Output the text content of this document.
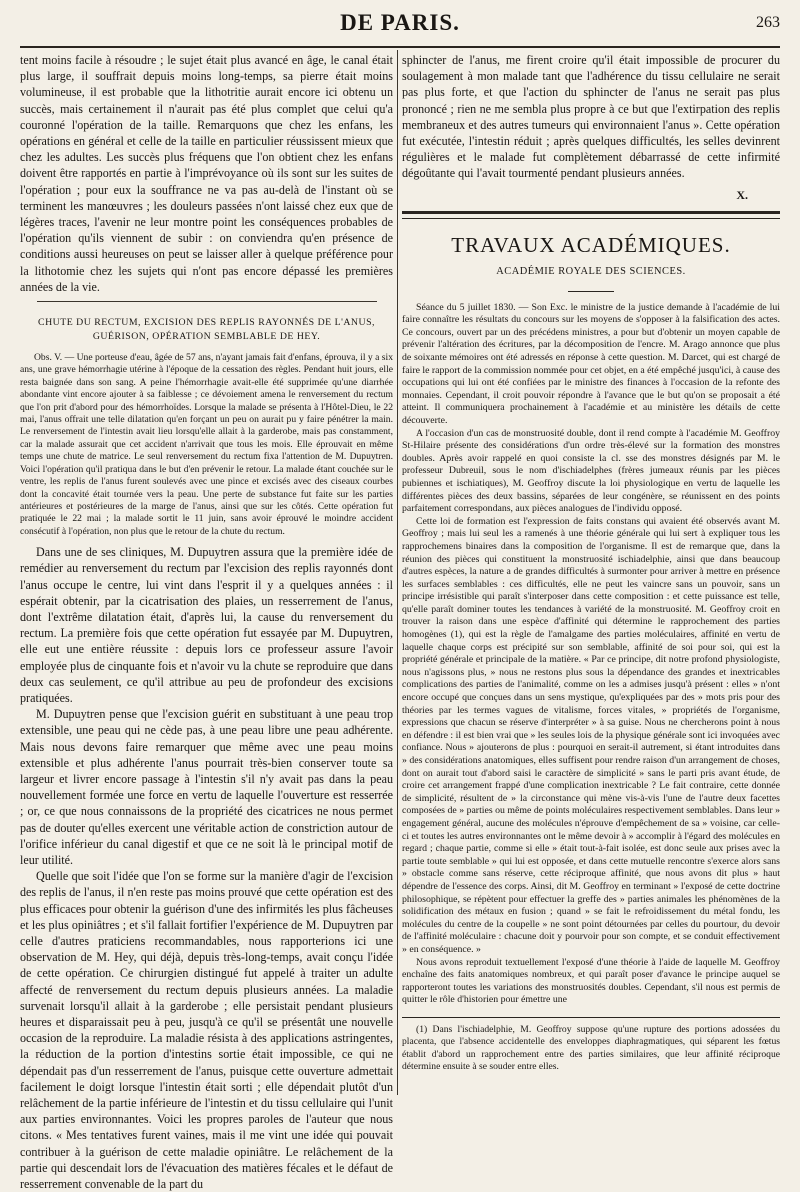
DE PARIS.	263

tent moins facile à résoudre ; le sujet était plus avancé en âge, le canal était plus large, il souffrait depuis moins long-temps, sa pierre était moins volumineuse, il est probable que la lithotritie aurait encore ici obtenu un succès, mais certainement il n'aurait pas été plus complet que celui qu'a couronné l'opération de la taille. Remarquons que chez les enfans, les opérations en général et celle de la taille en particulier réussissent mieux que chez les adultes. Les succès plus fréquens que l'on obtient chez les enfans doivent être rapportés en partie à l'imprévoyance où ils sont sur les suites de l'opération ; pour eux la souffrance ne va pas au-delà de l'instant où se terminent les manœuvres ; les douleurs passées n'ont laissé chez eux que de légères traces, l'avenir ne leur montre point les conséquences probables de l'opération qu'ils viennent de subir : on conviendra qu'en présence de conditions aussi heureuses on peut se laisser aller à quelque préférence pour la lithotomie chez les sujets qui n'ont pas encore dépassé les premières années de la vie.

CHUTE DU RECTUM, EXCISION DES REPLIS RAYONNÉS DE L'ANUS, GUÉRISON, OPÉRATION SEMBLABLE DE HEY.

Obs. V. — Une porteuse d'eau, âgée de 57 ans, n'ayant jamais fait d'enfans, éprouva, il y a six ans, une grave hémorrhagie utérine à l'époque de la cessation des règles. Pendant huit jours, elle resta baignée dans son sang. A peine l'hémorrhagie avait-elle été supprimée qu'une diarrhée abondante vint encore ajouter à sa faiblesse ; ce dévoiement amena le renversement du rectum que l'on prit d'abord pour des hémorrhoïdes. Lorsque la malade se présenta à l'Hôtel-Dieu, le 22 mai, l'anus offrait une telle dilatation qu'en forçant un peu on aurait pu y faire pénétrer la main. Le renversement de l'intestin avait lieu lorsqu'elle allait à la garderobe, mais pas constamment, car la malade assurait que cet accident n'arrivait que tous les mois. Elle éprouvait en même temps une chute de matrice. Le seul renversement du rectum fixa l'attention de M. Dupuytren. Voici l'opération qu'il pratiqua dans le but d'en prévenir le retour. La malade étant couchée sur le ventre, les replis de l'anus furent soulevés avec une pince et excisés avec des ciseaux courbes dont la concavité était tournée vers la peau. Une perte de substance fut faite sur les parties antérieures et postérieures de la marge de l'anus, ainsi que sur les côtés. Cette opération fut pratiquée le 22 mai ; la malade sortit le 11 juin, sans avoir éprouvé le moindre accident consécutif à l'opération, non plus que le retour de la chute du rectum.

Dans une de ses cliniques, M. Dupuytren assura que la première idée de remédier au renversement du rectum par l'excision des replis rayonnés dont l'anus occupe le centre, lui vint dans l'esprit il y a quelques années : il espérait obtenir, par la cicatrisation des plaies, un resserrement de l'anus, dont l'extrême dilatation était, d'après lui, la cause du renversement du rectum. La première fois que cette opération fut essayée par M. Dupuytren, elle eut une entière réussite : depuis lors ce professeur assure l'avoir employée plus de cinquante fois et n'avoir vu la chute se reproduire que dans deux cas seulement, ce qu'il attribue au peu de profondeur des excisions pratiquées.

M. Dupuytren pense que l'excision guérit en substituant à une peau trop extensible, une peau qui ne cède pas, à une peau libre une peau adhérente. Mais nous devons faire remarquer que même avec une peau moins extensible et plus adhérente l'anus pourrait très-bien conserver toute sa largeur et livrer encore passage à l'intestin s'il n'y avait pas dans la peau nouvellement formée une force en vertu de laquelle l'ouverture est resserrée ; or, ce que nous connaissons de la propriété des cicatrices ne nous permet pas de douter qu'elles exercent une véritable action de constriction autour de l'orifice inférieur du canal digestif et que ce ne soit là le principal motif de leur utilité.

Quelle que soit l'idée que l'on se forme sur la manière d'agir de l'excision des replis de l'anus, il n'en reste pas moins prouvé que cette opération est des plus efficaces pour obtenir la guérison d'une des infirmités les plus fâcheuses et les plus opiniâtres ; et s'il fallait fortifier l'expérience de M. Dupuytren par celle d'autres praticiens recommandables, nous rapporterions ici une observation de M. Hey, qui déjà, depuis très-long-temps, avait conçu l'idée de cette opération. Ce chirurgien distingué fut appelé à traiter un adulte affecté de renversement du rectum depuis plusieurs années. La maladie survenait lorsqu'il allait à la garderobe ; elle persistait pendant plusieurs heures et disparaissait peu à peu, jusqu'à ce qu'il se présentât une nouvelle occasion de la reproduire. La maladie résista à des applications astringentes, la réduction de la portion d'intestins sortie était impossible, ce qui ne dépendait pas d'un resserrement de l'anus, puisque cette ouverture admettait facilement le doigt lorsque l'intestin était sorti ; elle dépendait plutôt d'un relâchement de la partie inférieure de l'intestin et du tissu cellulaire qui l'unit aux parties environnantes. Voici les propres paroles de l'auteur que nous citons. « Mes tentatives furent vaines, mais il me vint une idée qui pouvait contribuer à la guérison de cette maladie opiniâtre. Le relâchement de la partie qui descendait lors de l'évacuation des matières fécales et le défaut de resserrement convenable de la part du

sphincter de l'anus, me firent croire qu'il était impossible de procurer du soulagement à mon malade tant que l'adhérence du tissu cellulaire ne serait pas plus forte, et que l'action du sphincter de l'anus ne serait pas plus prononcé ; rien ne me sembla plus propre à ce but que l'extirpation des replis membraneux et des autres tumeurs qui environnaient l'anus ». Cette opération fut exécutée, l'intestin réduit ; après quelques difficultés, les selles devinrent régulières et le malade fut complètement débarrassé de cette infirmité dégoûtante qui l'avait tourmenté pendant plusieurs années.

X.

TRAVAUX ACADÉMIQUES.

ACADÉMIE ROYALE DES SCIENCES.

Séance du 5 juillet 1830. — Son Exc. le ministre de la justice demande à l'académie de lui faire connaître les résultats du concours sur les moyens de s'opposer à la falsification des actes. Ce concours, ouvert par un des précédens ministres, a pour but d'obtenir un moyen capable de prévenir l'altération des écritures, par la décomposition de l'encre. M. Arago annonce que plus de soixante mémoires ont été adressés en réponse à cette question. M. Darcet, qui est chargé de faire le rapport de la commission nommée pour cet objet, en a été empêché jusqu'ici, à cause des occupations qui lui ont été confiées par le ministre des finances à l'occasion de la refonte des monnaies. Cependant, il croit pouvoir répondre à l'avance que le but qu'on se proposait a été atteint. Il communiquera prochainement à l'académie et au ministère les détails de cette découverte.

A l'occasion d'un cas de monstruosité double, dont il rend compte à l'académie M. Geoffroy St-Hilaire présente des considérations d'un ordre très-élevé sur la formation des monstres doubles. Après avoir rappelé en quoi consiste la cl. sse des monstres désignés par M. le professeur Dubreuil, sous le nom d'ischiadelphes (frères jumeaux réunis par les pièces pubiennes et ischiatiques), M. Geoffroy discute la loi physiologique en vertu de laquelle les différentes pièces des deux bassins, séparées de leur congénère, se réunissent en des points parfaitement correspondans, aux pièces analogues de l'individu opposé.

Cette loi de formation est l'expression de faits constans qui avaient été observés avant M. Geoffroy ; mais lui seul les a ramenés à une théorie générale qui lui sert à expliquer tous les rapprochemens binaires dans la composition de l'organisme. Il est de remarque que, dans la réunion des pièces qui constituent la monstruosité ischiadelphie, ainsi que dans beaucoup d'autres espèces, la nature a de grandes difficultés à surmonter pour arriver à mettre en présence les surfaces semblables : ces difficultés, elle ne peut les vaincre sans un pouvoir, sans un principe irrésistible qui paraît s'interposer dans cette composition : et cette puissance est telle, qu'elle paraît dominer toutes les tendances à variété de la monstruosité. M. Geoffroy croit en trouver la raison dans une espèce d'affinité qui détermine le rapprochement des parties homogènes (1), qui est la règle de l'amalgame des parties moléculaires, affinité en vertu de laquelle chaque corps est précipité sur son semblable, affinité de soi pour soi, qui est la propriété générale et principale de la matière. « Par ce principe, dit notre profond physiologiste, nous n'agissons plus, » nous ne restons plus sous la dépendance des grandes et inextricables complications des parties de l'animalité, comme on les a admises jusqu'à présent : elles » n'ont encore occupé que conçues dans un sens mystique, qu'expliquées par des » mots pris pour des théories par les termes vagues de vitalisme, forces vitales, » propriétés de l'organisme, expressions que chacun se réserve d'interpréter » à sa guise. Nous ne chercherons point à nous en défendre : il est bien vrai que » les seules lois de la physique générale sont ici invoquées avec confiance. Nous » ajouterons de plus : pourquoi en serait-il autrement, si étant introduites dans » des considérations anatomiques, elles suffisent pour rendre raison d'un arrangement de choses, dont on aurait tout d'abord saisi le caractère de simplicité » sans le parti pris avant étude, de croire cet arrangement frappé d'une complication inextricable ? Le fait contraire, cette donnée de simplicité, résultent de » la circonstance qui mène vis-à-vis l'une de l'autre deux facettes composées de » parties ou même de points moléculaires respectivement semblables. Dans leur » engagement général, aucune des molécules n'éprouve d'empêchement de sa » voisine, car celle-ci et toutes les autres environnantes ont le même devoir à » accomplir à l'égard des molécules en regard ; chaque partie, comme si elle » était tout-à-fait isolée, est donc seule aux prises avec la partie toute semblable » qui lui est opposée, et dans cette mutuelle rencontre s'exerce alors sans » obstacle comme sans réserve, cette réciproque affinité, que nous avons dit plus » haut dépendre de l'essence des corps. Ainsi, dit M. Geoffroy en terminant » l'exposé de cette doctrine philosophique, se répètent pour effectuer la greffe des » parties animales les phénomènes de la solidification des métaux en fusion ; quand » se fait le refroidissement du métal fondu, les molécules du centre de la coupelle » ne sont point détournées par celles du pourtour, du devoir de l'affinité moléculaire : chacune doit y pourvoir pour son compte, et se conduit effectivement » en conséquence. »

Nous avons reproduit textuellement l'exposé d'une théorie à l'aide de laquelle M. Geoffroy enchaîne des faits anatomiques nombreux, et qui paraît poser d'avance le principe auquel se rapporteront toutes les variations des monstruosités doubles. Cependant, s'il nous est permis de quitter le rôle d'historien pour émettre une

(1) Dans l'ischiadelphie, M. Geoffroy suppose qu'une rupture des portions adossées du placenta, que l'absence accidentelle des enveloppes diaphragmatiques, qui séparent les fœtus établit d'abord un rapprochement entre des parties similaires, que leur affinité réciproque détermine ensuite à se souder entre elles.
